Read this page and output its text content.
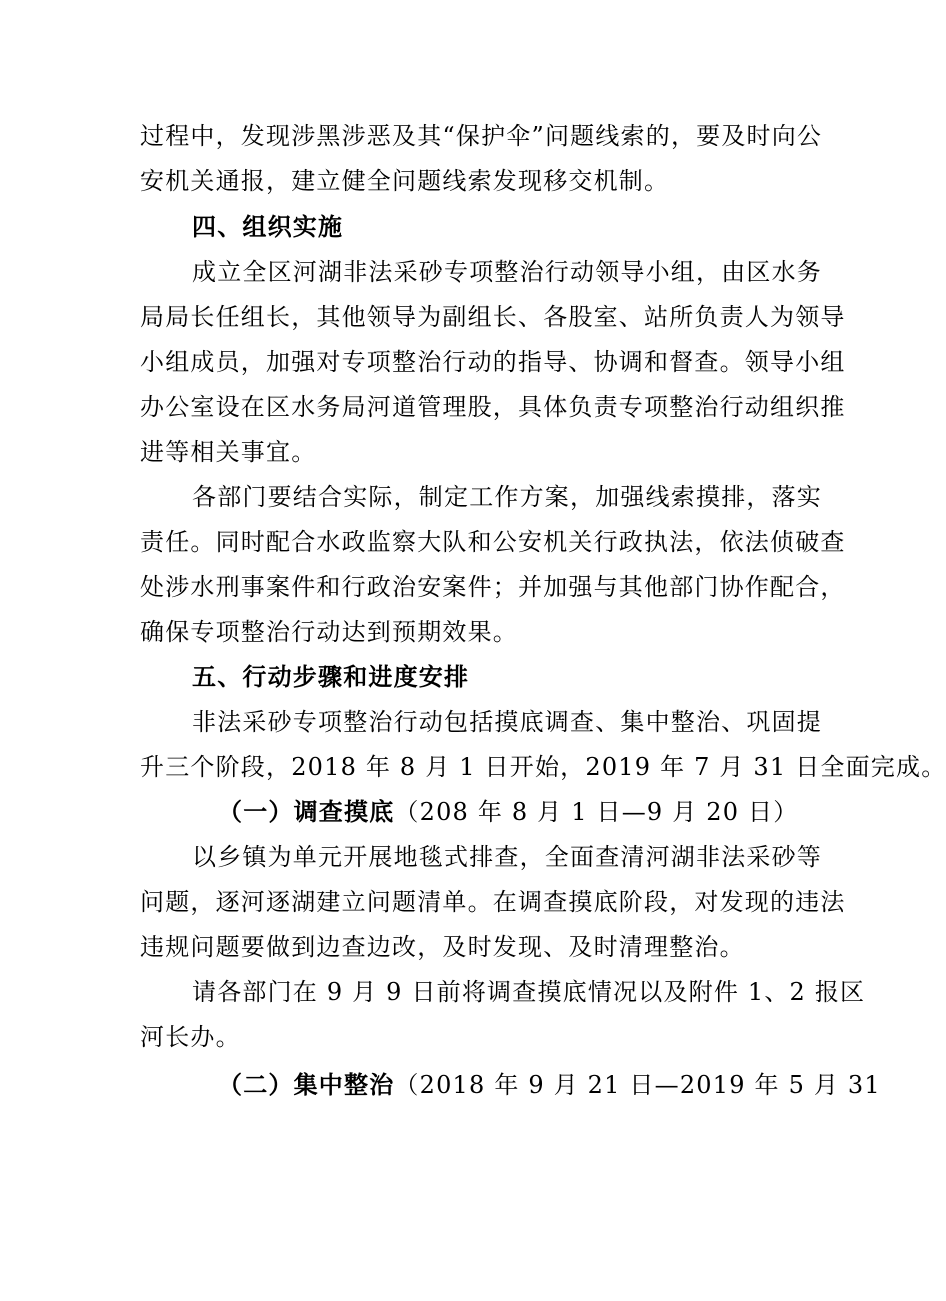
过程中，发现涉黑涉恶及其“保护伞”问题线索的，要及时向公
安机关通报，建立健全问题线索发现移交机制。
四、组织实施
成立全区河湖非法采砂专项整治行动领导小组，由区水务
局局长任组长，其他领导为副组长、各股室、站所负责人为领导
小组成员，加强对专项整治行动的指导、协调和督查。领导小组
办公室设在区水务局河道管理股，具体负责专项整治行动组织推
进等相关事宜。
各部门要结合实际，制定工作方案，加强线索摸排，落实
责任。同时配合水政监察大队和公安机关行政执法，依法侦破查
处涉水刑事案件和行政治安案件；并加强与其他部门协作配合，
确保专项整治行动达到预期效果。
五、行动步骤和进度安排
非法采砂专项整治行动包括摸底调查、集中整治、巩固提
升三个阶段，2018 年 8 月 1 日开始，2019 年 7 月 31 日全面完成。
（一）调查摸底（208 年 8 月 1 日—9 月 20 日）
以乡镇为单元开展地毯式排查，全面查清河湖非法采砂等
问题，逐河逐湖建立问题清单。在调查摸底阶段，对发现的违法
违规问题要做到边查边改，及时发现、及时清理整治。
请各部门在 9 月 9 日前将调查摸底情况以及附件 1、2 报区
河长办。
（二）集中整治（2018 年 9 月 21 日—2019 年 5 月 31
